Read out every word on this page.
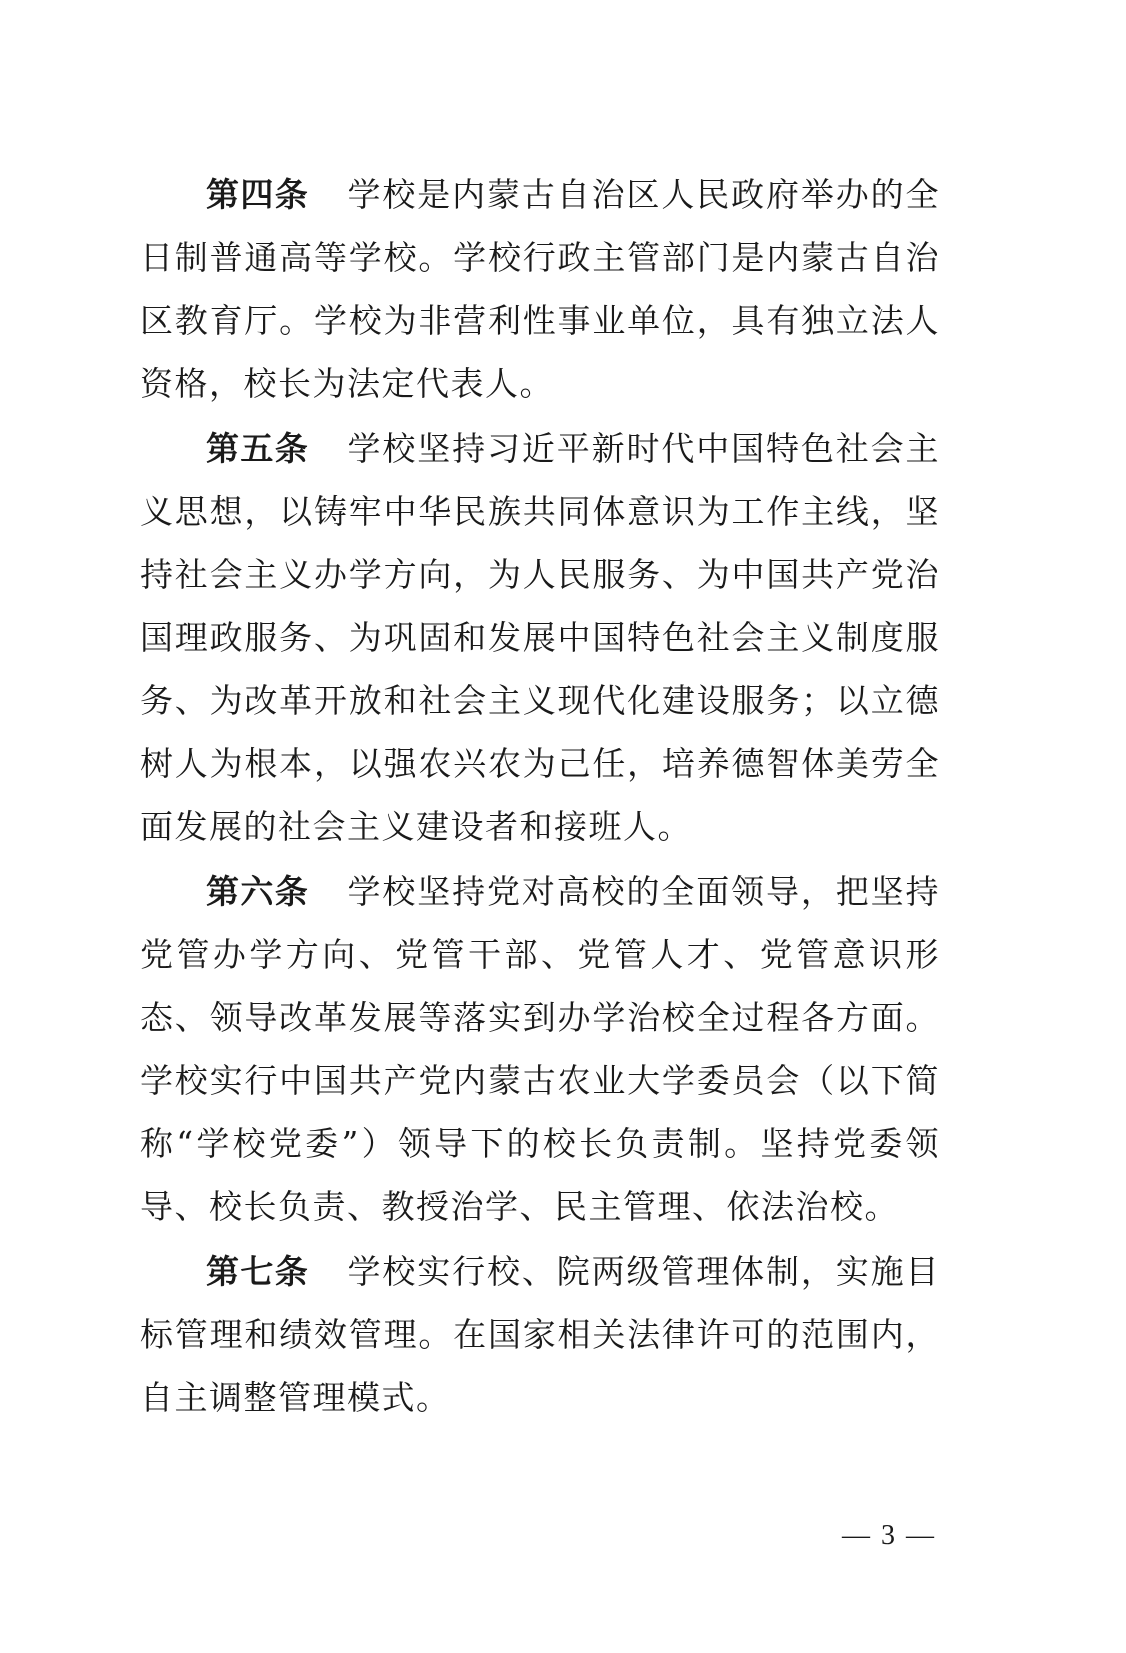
第四条 学校是内蒙古自治区人民政府举办的全日制普通高等学校。学校行政主管部门是内蒙古自治区教育厅。学校为非营利性事业单位，具有独立法人资格，校长为法定代表人。

第五条 学校坚持习近平新时代中国特色社会主义思想，以铸牢中华民族共同体意识为工作主线，坚持社会主义办学方向，为人民服务、为中国共产党治国理政服务、为巩固和发展中国特色社会主义制度服务、为改革开放和社会主义现代化建设服务；以立德树人为根本，以强农兴农为己任，培养德智体美劳全面发展的社会主义建设者和接班人。

第六条 学校坚持党对高校的全面领导，把坚持党管办学方向、党管干部、党管人才、党管意识形态、领导改革发展等落实到办学治校全过程各方面。学校实行中国共产党内蒙古农业大学委员会（以下简称“学校党委”）领导下的校长负责制。坚持党委领导、校长负责、教授治学、民主管理、依法治校。

第七条 学校实行校、院两级管理体制，实施目标管理和绩效管理。在国家相关法律许可的范围内，自主调整管理模式。

— 3 —
